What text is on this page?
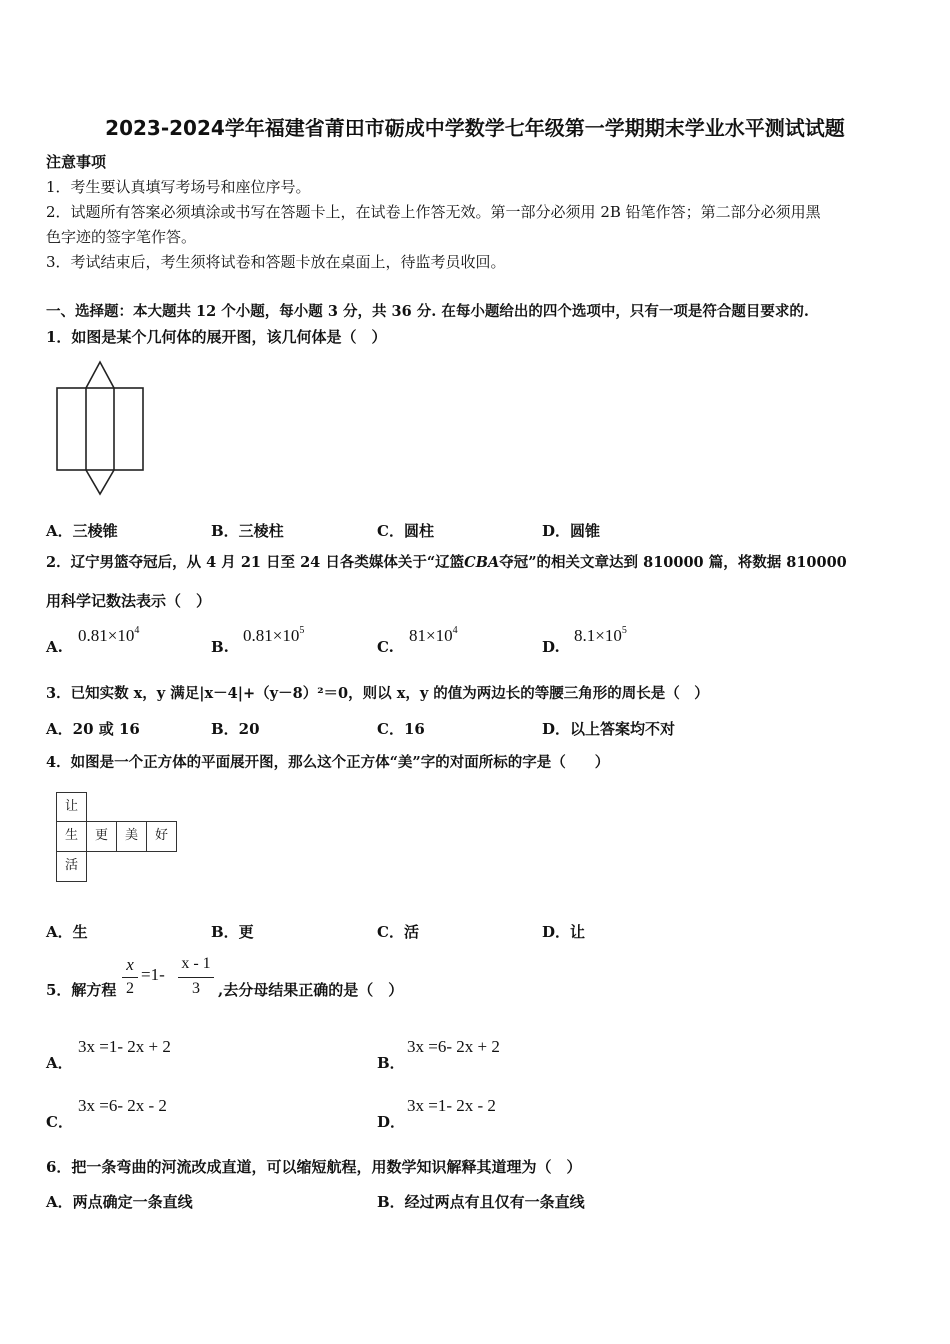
2023-2024学年福建省莆田市砺成中学数学七年级第一学期期末学业水平测试试题
注意事项
1．考生要认真填写考场号和座位序号。
2．试题所有答案必须填涂或书写在答题卡上，在试卷上作答无效。第一部分必须用 2B 铅笔作答；第二部分必须用黑
色字迹的签字笔作答。
3．考试结束后，考生须将试卷和答题卡放在桌面上，待监考员收回。
一、选择题：本大题共 12 个小题，每小题 3 分，共 36 分. 在每小题给出的四个选项中，只有一项是符合题目要求的.
1．如图是某个几何体的展开图，该几何体是（　）
A．三棱锥	B．三棱柱	C．圆柱	D．圆锥
2．辽宁男篮夺冠后，从 4 月 21 日至 24 日各类媒体关于“辽篮CBA夺冠”的相关文章达到 810000 篇，将数据 810000
用科学记数法表示（　）
A.
$0.81\times 10^4$
B.
$0.81\times 10^5$
C.
$81\times 10^4$
D.
$8.1\times 10^5$
3．已知实数 x，y 满足|x－4|+（y－8）²＝0，则以 x，y 的值为两边长的等腰三角形的周长是（　）
A．20 或 16	B．20	C．16	D．以上答案均不对
4．如图是一个正方体的平面展开图，那么这个正方体“美”字的对面所标的字是（　　）
让
生	更	美	好
活
A．生	B．更	C．活	D．让
5．解方程
x
2
=1-
x - 1
3	,去分母结果正确的是（　）
A．
3x =1- 2x + 2
B．
3x =6- 2x + 2
C．
3x =6- 2x - 2
D．
3x =1- 2x - 2
6．把一条弯曲的河流改成直道，可以缩短航程，用数学知识解释其道理为（　）
A．两点确定一条直线	B．经过两点有且仅有一条直线
